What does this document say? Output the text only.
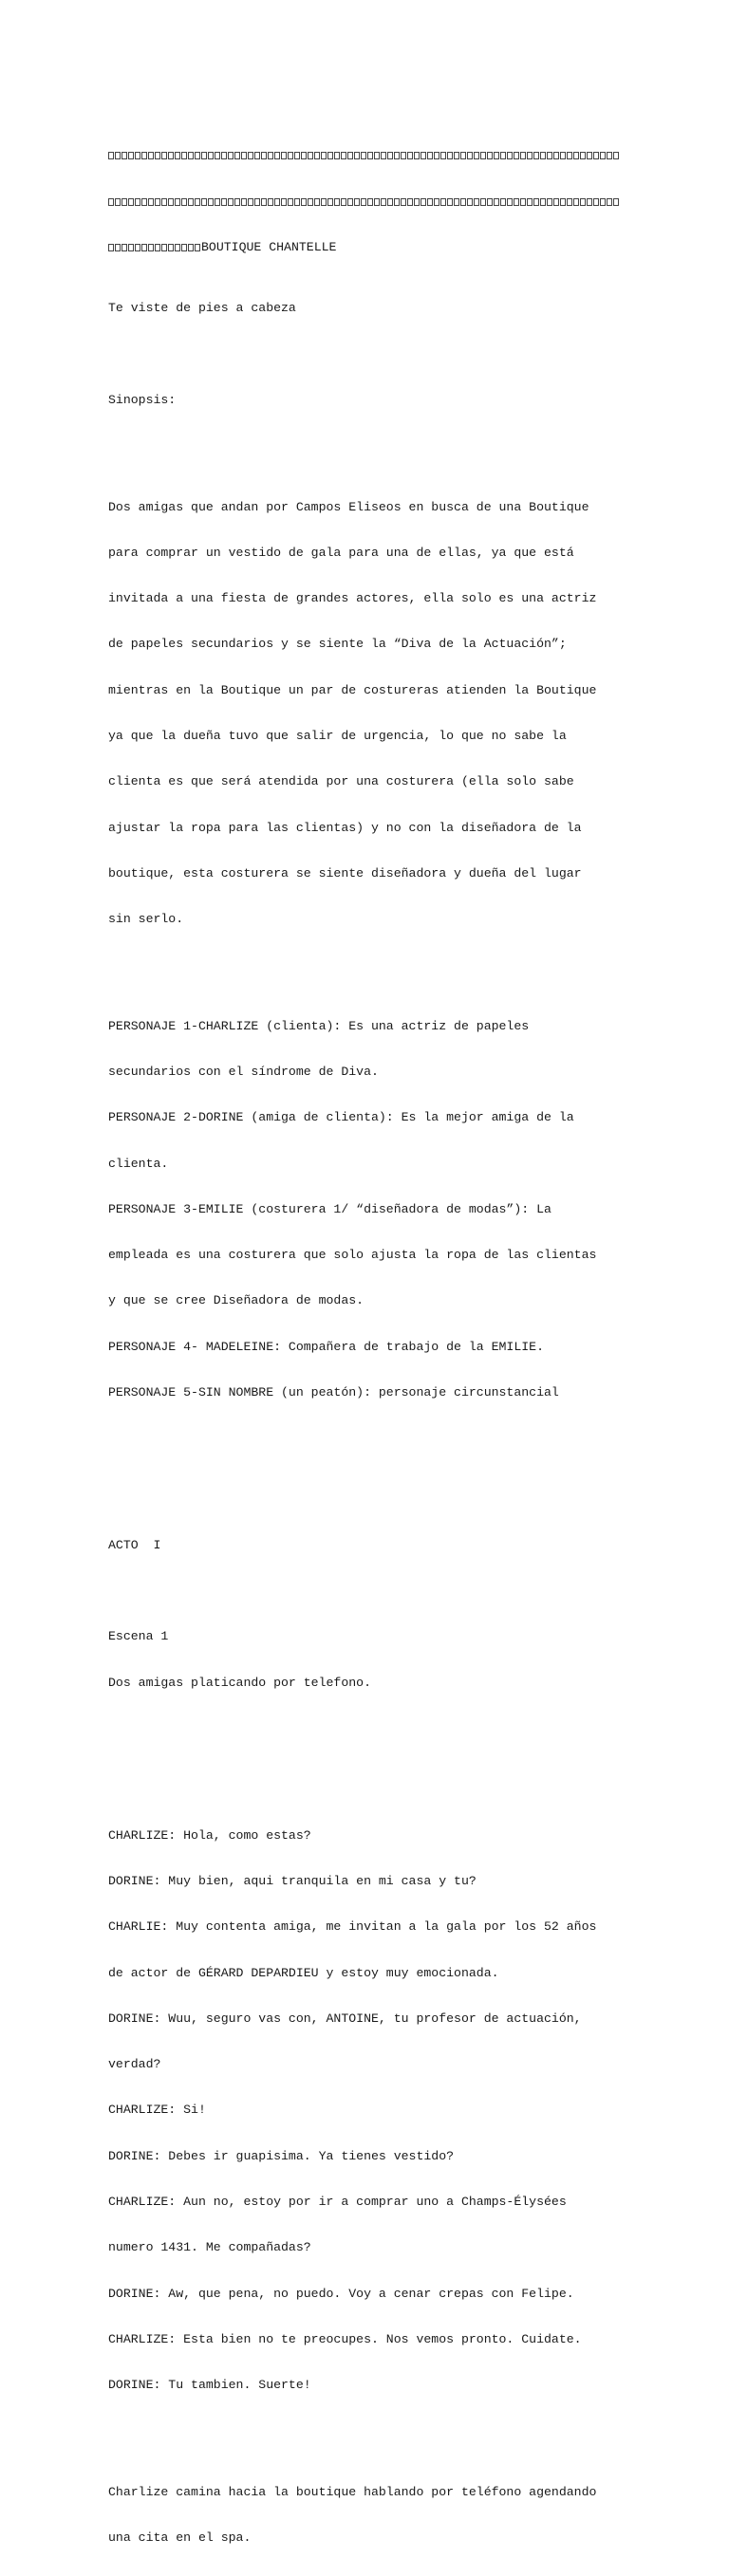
BOUTIQUE CHANTELLE

Te viste de pies a cabeza

Sinopsis:

Dos amigas que andan por Campos Eliseos en busca de una Boutique

para comprar un vestido de gala para una de ellas, ya que está

invitada a una fiesta de grandes actores, ella solo es una actriz

de papeles secundarios y se siente la “Diva de la Actuación”;

mientras en la Boutique un par de costureras atienden la Boutique

ya que la dueña tuvo que salir de urgencia, lo que no sabe la

clienta es que será atendida por una costurera (ella solo sabe

ajustar la ropa para las clientas) y no con la diseñadora de la

boutique, esta costurera se siente diseñadora y dueña del lugar

sin serlo.

PERSONAJE 1-CHARLIZE (clienta): Es una actriz de papeles

secundarios con el síndrome de Diva.

PERSONAJE 2-DORINE (amiga de clienta): Es la mejor amiga de la

clienta.

PERSONAJE 3-EMILIE (costurera 1/ “diseñadora de modas”): La

empleada es una costurera que solo ajusta la ropa de las clientas

y que se cree Diseñadora de modas.

PERSONAJE 4- MADELEINE: Compañera de trabajo de la EMILIE.

PERSONAJE 5-SIN NOMBRE (un peatón): personaje circunstancial

ACTO  I

Escena 1

Dos amigas platicando por telefono.

CHARLIZE: Hola, como estas?

DORINE: Muy bien, aqui tranquila en mi casa y tu?

CHARLIE: Muy contenta amiga, me invitan a la gala por los 52 años

de actor de GÉRARD DEPARDIEU y estoy muy emocionada.

DORINE: Wuu, seguro vas con, ANTOINE, tu profesor de actuación,

verdad?

CHARLIZE: Si!

DORINE: Debes ir guapisima. Ya tienes vestido?

CHARLIZE: Aun no, estoy por ir a comprar uno a Champs-Élysées

numero 1431. Me compañadas?

DORINE: Aw, que pena, no puedo. Voy a cenar crepas con Felipe.

CHARLIZE: Esta bien no te preocupes. Nos vemos pronto. Cuidate.

DORINE: Tu tambien. Suerte!

Charlize camina hacia la boutique hablando por teléfono agendando

una cita en el spa.
